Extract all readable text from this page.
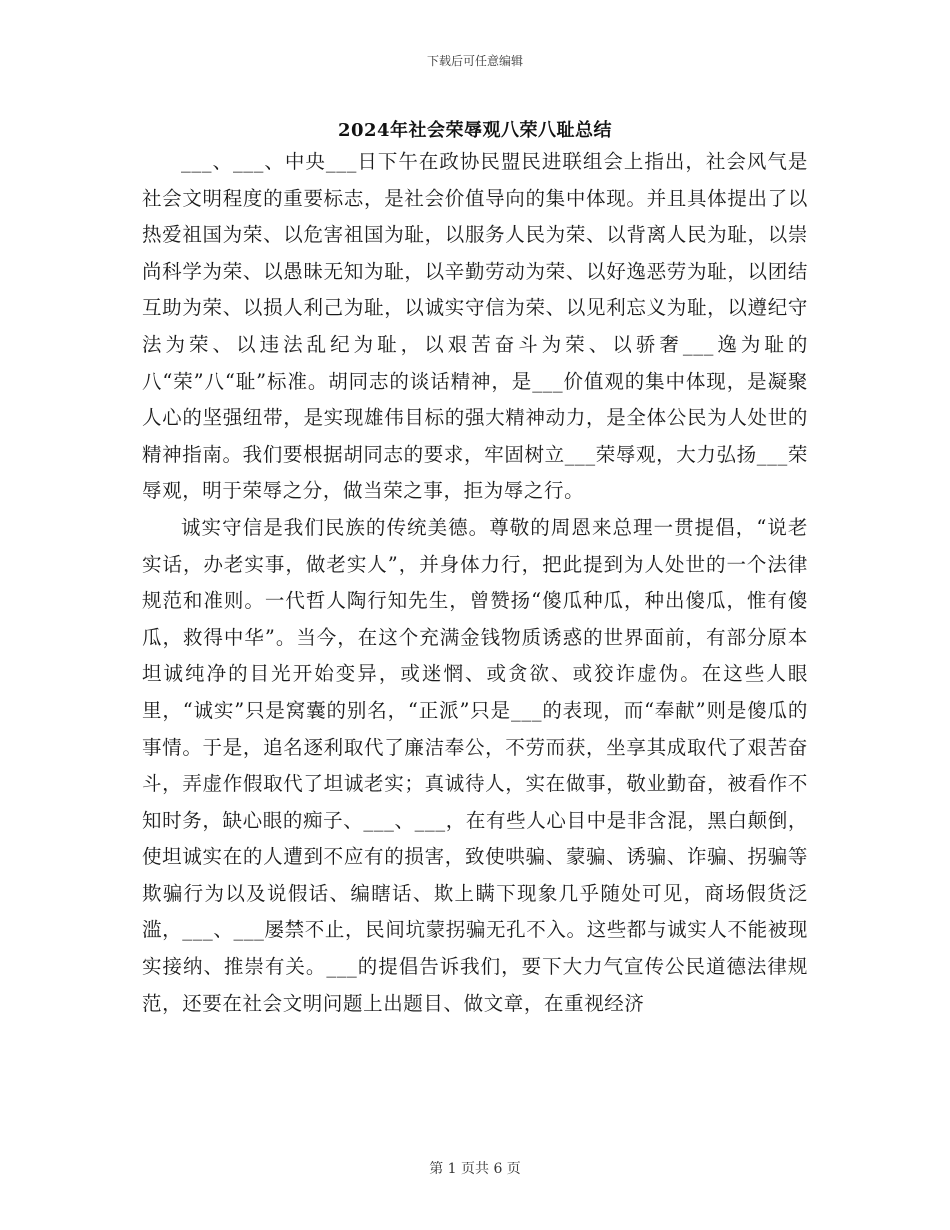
下载后可任意编辑
2024年社会荣辱观八荣八耻总结

___、___、中央___日下午在政协民盟民进联组会上指出，社会风气是社会文明程度的重要标志，是社会价值导向的集中体现。并且具体提出了以热爱祖国为荣、以危害祖国为耻，以服务人民为荣、以背离人民为耻，以崇尚科学为荣、以愚昧无知为耻，以辛勤劳动为荣、以好逸恶劳为耻，以团结互助为荣、以损人利己为耻，以诚实守信为荣、以见利忘义为耻，以遵纪守法为荣、以违法乱纪为耻，以艰苦奋斗为荣、以骄奢___逸为耻的八“荣”八“耻”标准。胡同志的谈话精神，是___价值观的集中体现，是凝聚人心的坚强纽带，是实现雄伟目标的强大精神动力，是全体公民为人处世的精神指南。我们要根据胡同志的要求，牢固树立___荣辱观，大力弘扬___荣辱观，明于荣辱之分，做当荣之事，拒为辱之行。

诚实守信是我们民族的传统美德。尊敬的周恩来总理一贯提倡，“说老实话，办老实事，做老实人”，并身体力行，把此提到为人处世的一个法律规范和准则。一代哲人陶行知先生，曾赞扬“傻瓜种瓜，种出傻瓜，惟有傻瓜，救得中华”。当今，在这个充满金钱物质诱惑的世界面前，有部分原本坦诚纯净的目光开始变异，或迷惘、或贪欲、或狡诈虚伪。在这些人眼里，“诚实”只是窝囊的别名，“正派”只是___的表现，而“奉献”则是傻瓜的事情。于是，追名逐利取代了廉洁奉公，不劳而获，坐享其成取代了艰苦奋斗，弄虚作假取代了坦诚老实；真诚待人，实在做事，敬业勤奋，被看作不知时务，缺心眼的痴子、___、___，在有些人心目中是非含混，黑白颠倒，使坦诚实在的人遭到不应有的损害，致使哄骗、蒙骗、诱骗、诈骗、拐骗等欺骗行为以及说假话、编瞎话、欺上瞒下现象几乎随处可见，商场假货泛滥，___、___屡禁不止，民间坑蒙拐骗无孔不入。这些都与诚实人不能被现实接纳、推崇有关。___的提倡告诉我们，要下大力气宣传公民道德法律规范，还要在社会文明问题上出题目、做文章，在重视经济

第 1 页共 6 页
